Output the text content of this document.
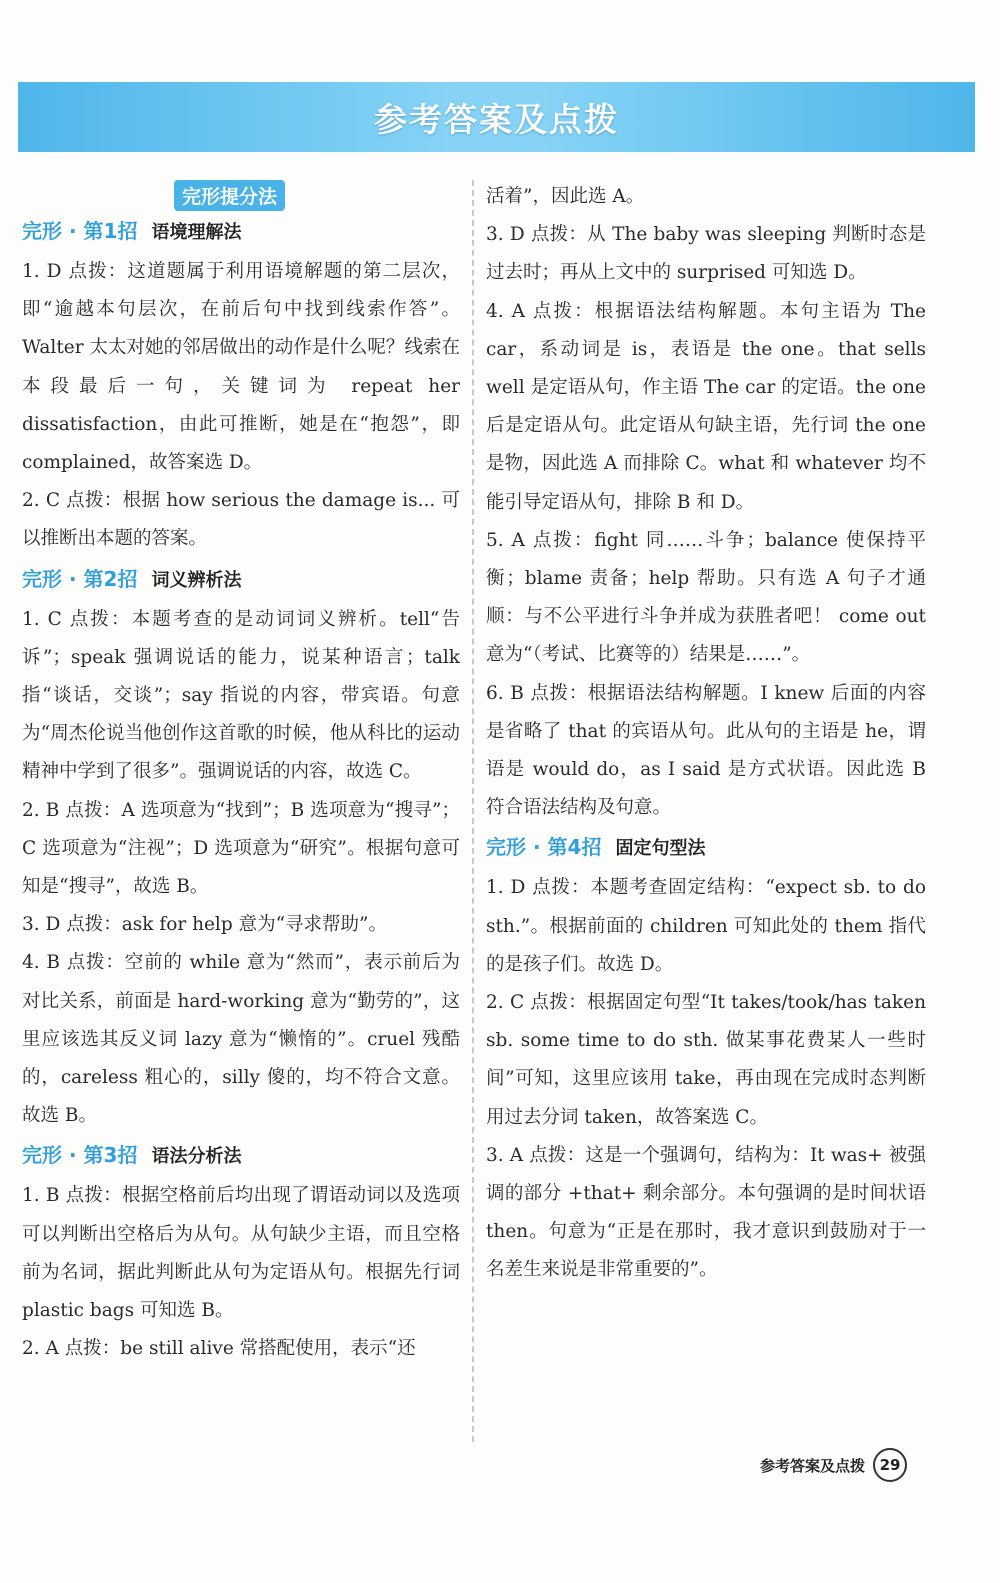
参考答案及点拨
完形提分法
完形 · 第1招 语境理解法

1. D 点拨：这道题属于利用语境解题的第二层次，即“逾越本句层次，在前后句中找到线索作答”。Walter 太太对她的邻居做出的动作是什么呢？线索在本段最后一句，关键词为 repeat her dissatisfaction，由此可推断，她是在“抱怨”，即 complained，故答案选 D。

2. C 点拨：根据 how serious the damage is... 可以推断出本题的答案。

完形 · 第2招 词义辨析法

1. C 点拨：本题考查的是动词词义辨析。tell“告诉”；speak 强调说话的能力，说某种语言；talk 指“谈话，交谈”；say 指说的内容，带宾语。句意为“周杰伦说当他创作这首歌的时候，他从科比的运动精神中学到了很多”。强调说话的内容，故选 C。

2. B 点拨：A 选项意为“找到”；B 选项意为“搜寻”；C 选项意为“注视”；D 选项意为“研究”。根据句意可知是“搜寻”，故选 B。

3. D 点拨：ask for help 意为“寻求帮助”。

4. B 点拨：空前的 while 意为“然而”，表示前后为对比关系，前面是 hard-working 意为“勤劳的”，这里应该选其反义词 lazy 意为“懒惰的”。cruel 残酷的，careless 粗心的，silly 傻的，均不符合文意。故选 B。

完形 · 第3招 语法分析法

1. B 点拨：根据空格前后均出现了谓语动词以及选项可以判断出空格后为从句。从句缺少主语，而且空格前为名词，据此判断此从句为定语从句。根据先行词 plastic bags 可知选 B。

2. A 点拨：be still alive 常搭配使用，表示“还

活着”，因此选 A。

3. D 点拨：从 The baby was sleeping 判断时态是过去时；再从上文中的 surprised 可知选 D。

4. A 点拨：根据语法结构解题。本句主语为 The car，系动词是 is，表语是 the one。that sells well 是定语从句，作主语 The car 的定语。the one 后是定语从句。此定语从句缺主语，先行词 the one 是物，因此选 A 而排除 C。what 和 whatever 均不能引导定语从句，排除 B 和 D。

5. A 点拨：fight 同……斗争；balance 使保持平衡；blame 责备；help 帮助。只有选 A 句子才通顺：与不公平进行斗争并成为获胜者吧！ come out 意为“（考试、比赛等的）结果是……”。

6. B 点拨：根据语法结构解题。I knew 后面的内容是省略了 that 的宾语从句。此从句的主语是 he，谓语是 would do，as I said 是方式状语。因此选 B 符合语法结构及句意。

完形 · 第4招 固定句型法

1. D 点拨：本题考查固定结构：“expect sb. to do sth.”。根据前面的 children 可知此处的 them 指代的是孩子们。故选 D。

2. C 点拨：根据固定句型“It takes/took/has taken sb. some time to do sth. 做某事花费某人一些时间”可知，这里应该用 take，再由现在完成时态判断用过去分词 taken，故答案选 C。

3. A 点拨：这是一个强调句，结构为：It was+ 被强调的部分 +that+ 剩余部分。本句强调的是时间状语 then。句意为“正是在那时，我才意识到鼓励对于一名差生来说是非常重要的”。

参考答案及点拨 29
